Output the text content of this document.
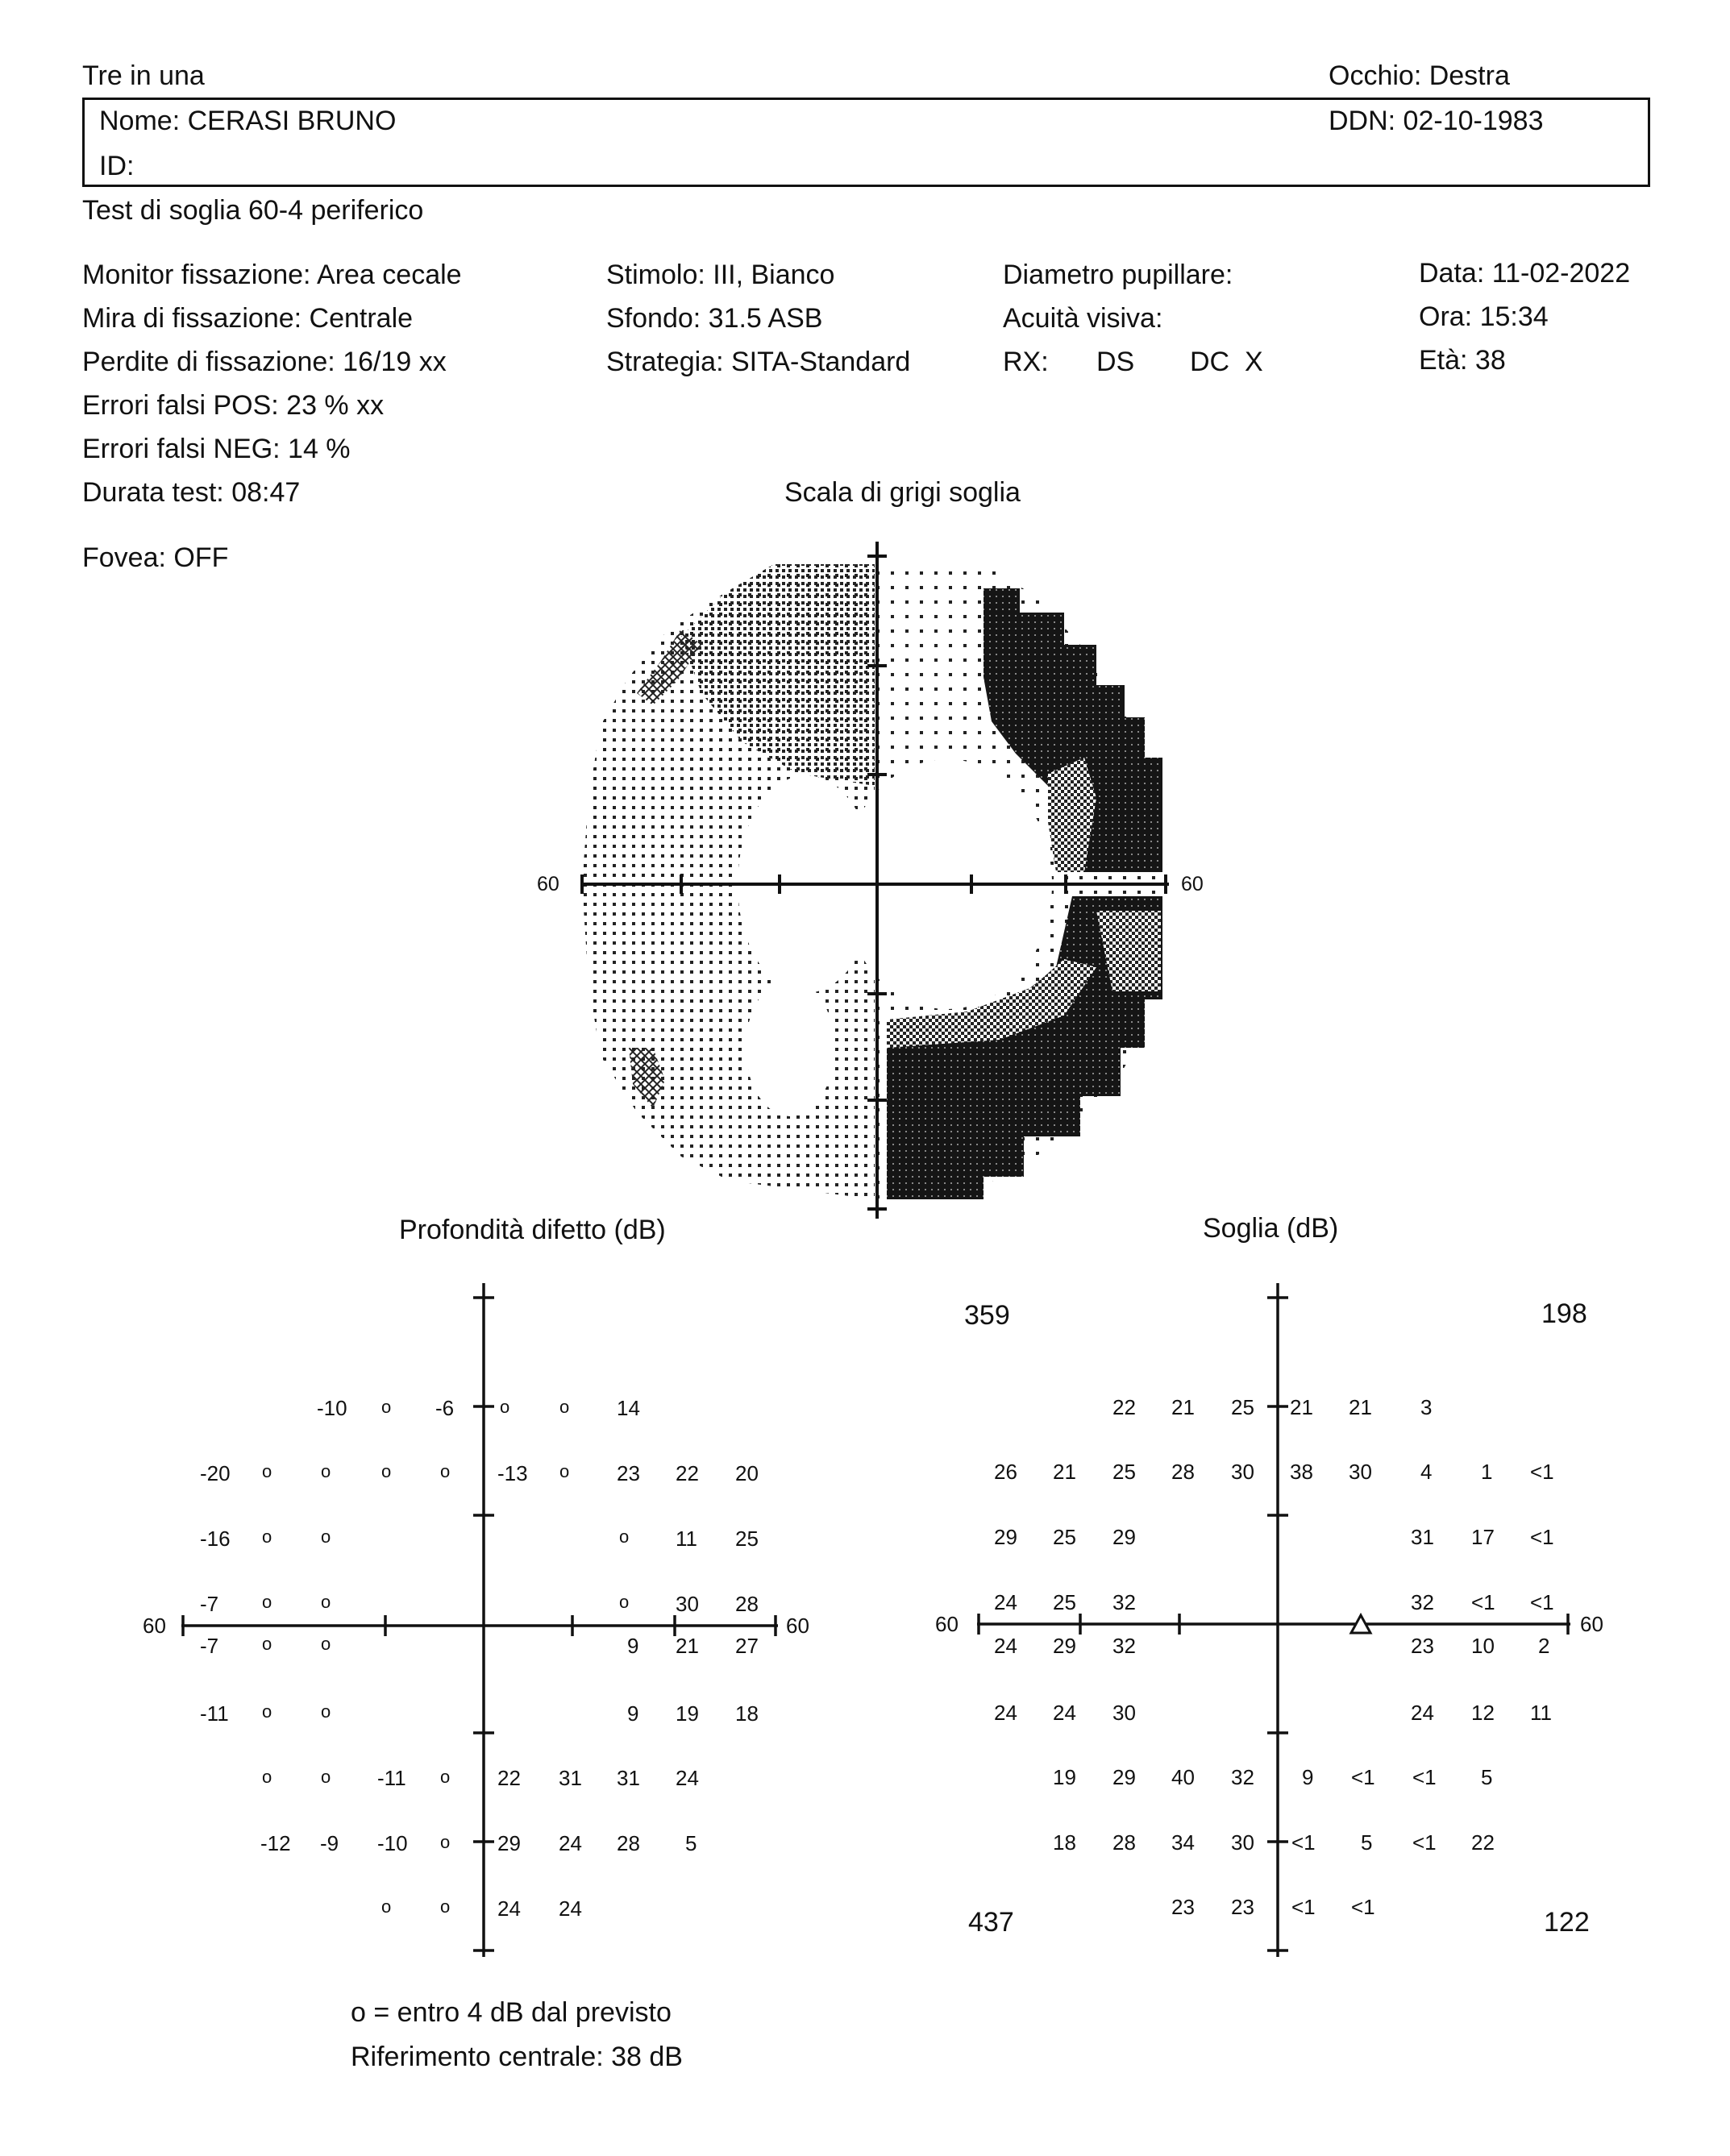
Tre in una	Occhio: Destra
Nome: CERASI BRUNO	DDN: 02-10-1983
ID:
Test di soglia 60-4 periferico
Monitor fissazione: Area cecale
Mira di fissazione: Centrale
Perdite di fissazione: 16/19 xx
Errori falsi POS: 23 % xx
Errori falsi NEG: 14 %
Durata test: 08:47
Fovea: OFF
Stimolo: III, Bianco
Sfondo: 31.5 ASB
Strategia: SITA-Standard
Diametro pupillare:
Acuità visiva:
RX: DS DC X
Data: 11-02-2022
Ora: 15:34
Età: 38
Scala di grigi soglia
60	60
Profondità difetto (dB)
60	60
-10 o -6	o	o 14
-20 o	o	o	o -13 o 23 22 20
-16 o	o	o 11 25
-7 o	o	o 30 28
-7 o	o	9 21 27
-11 o	o	9 19 18
o	o -11 o 22 31 31 24
-12 -9 -10 o 29 24 28 5
o	o 24 24
o = entro 4 dB dal previsto
Riferimento centrale: 38 dB
Soglia (dB)
60	60
359	198
437	122
22 21 25 21 21 3
26 21 25 28 30 38 30 4 1 <1
29 25 29	31 17 <1
24 25 32	32 <1 <1
24 29 32	23 10 2
24 24 30	24 12 11
19 29 40 32 9 <1 <1 5
18 28 34 30 <1 5 <1 22
23 23 <1 <1
